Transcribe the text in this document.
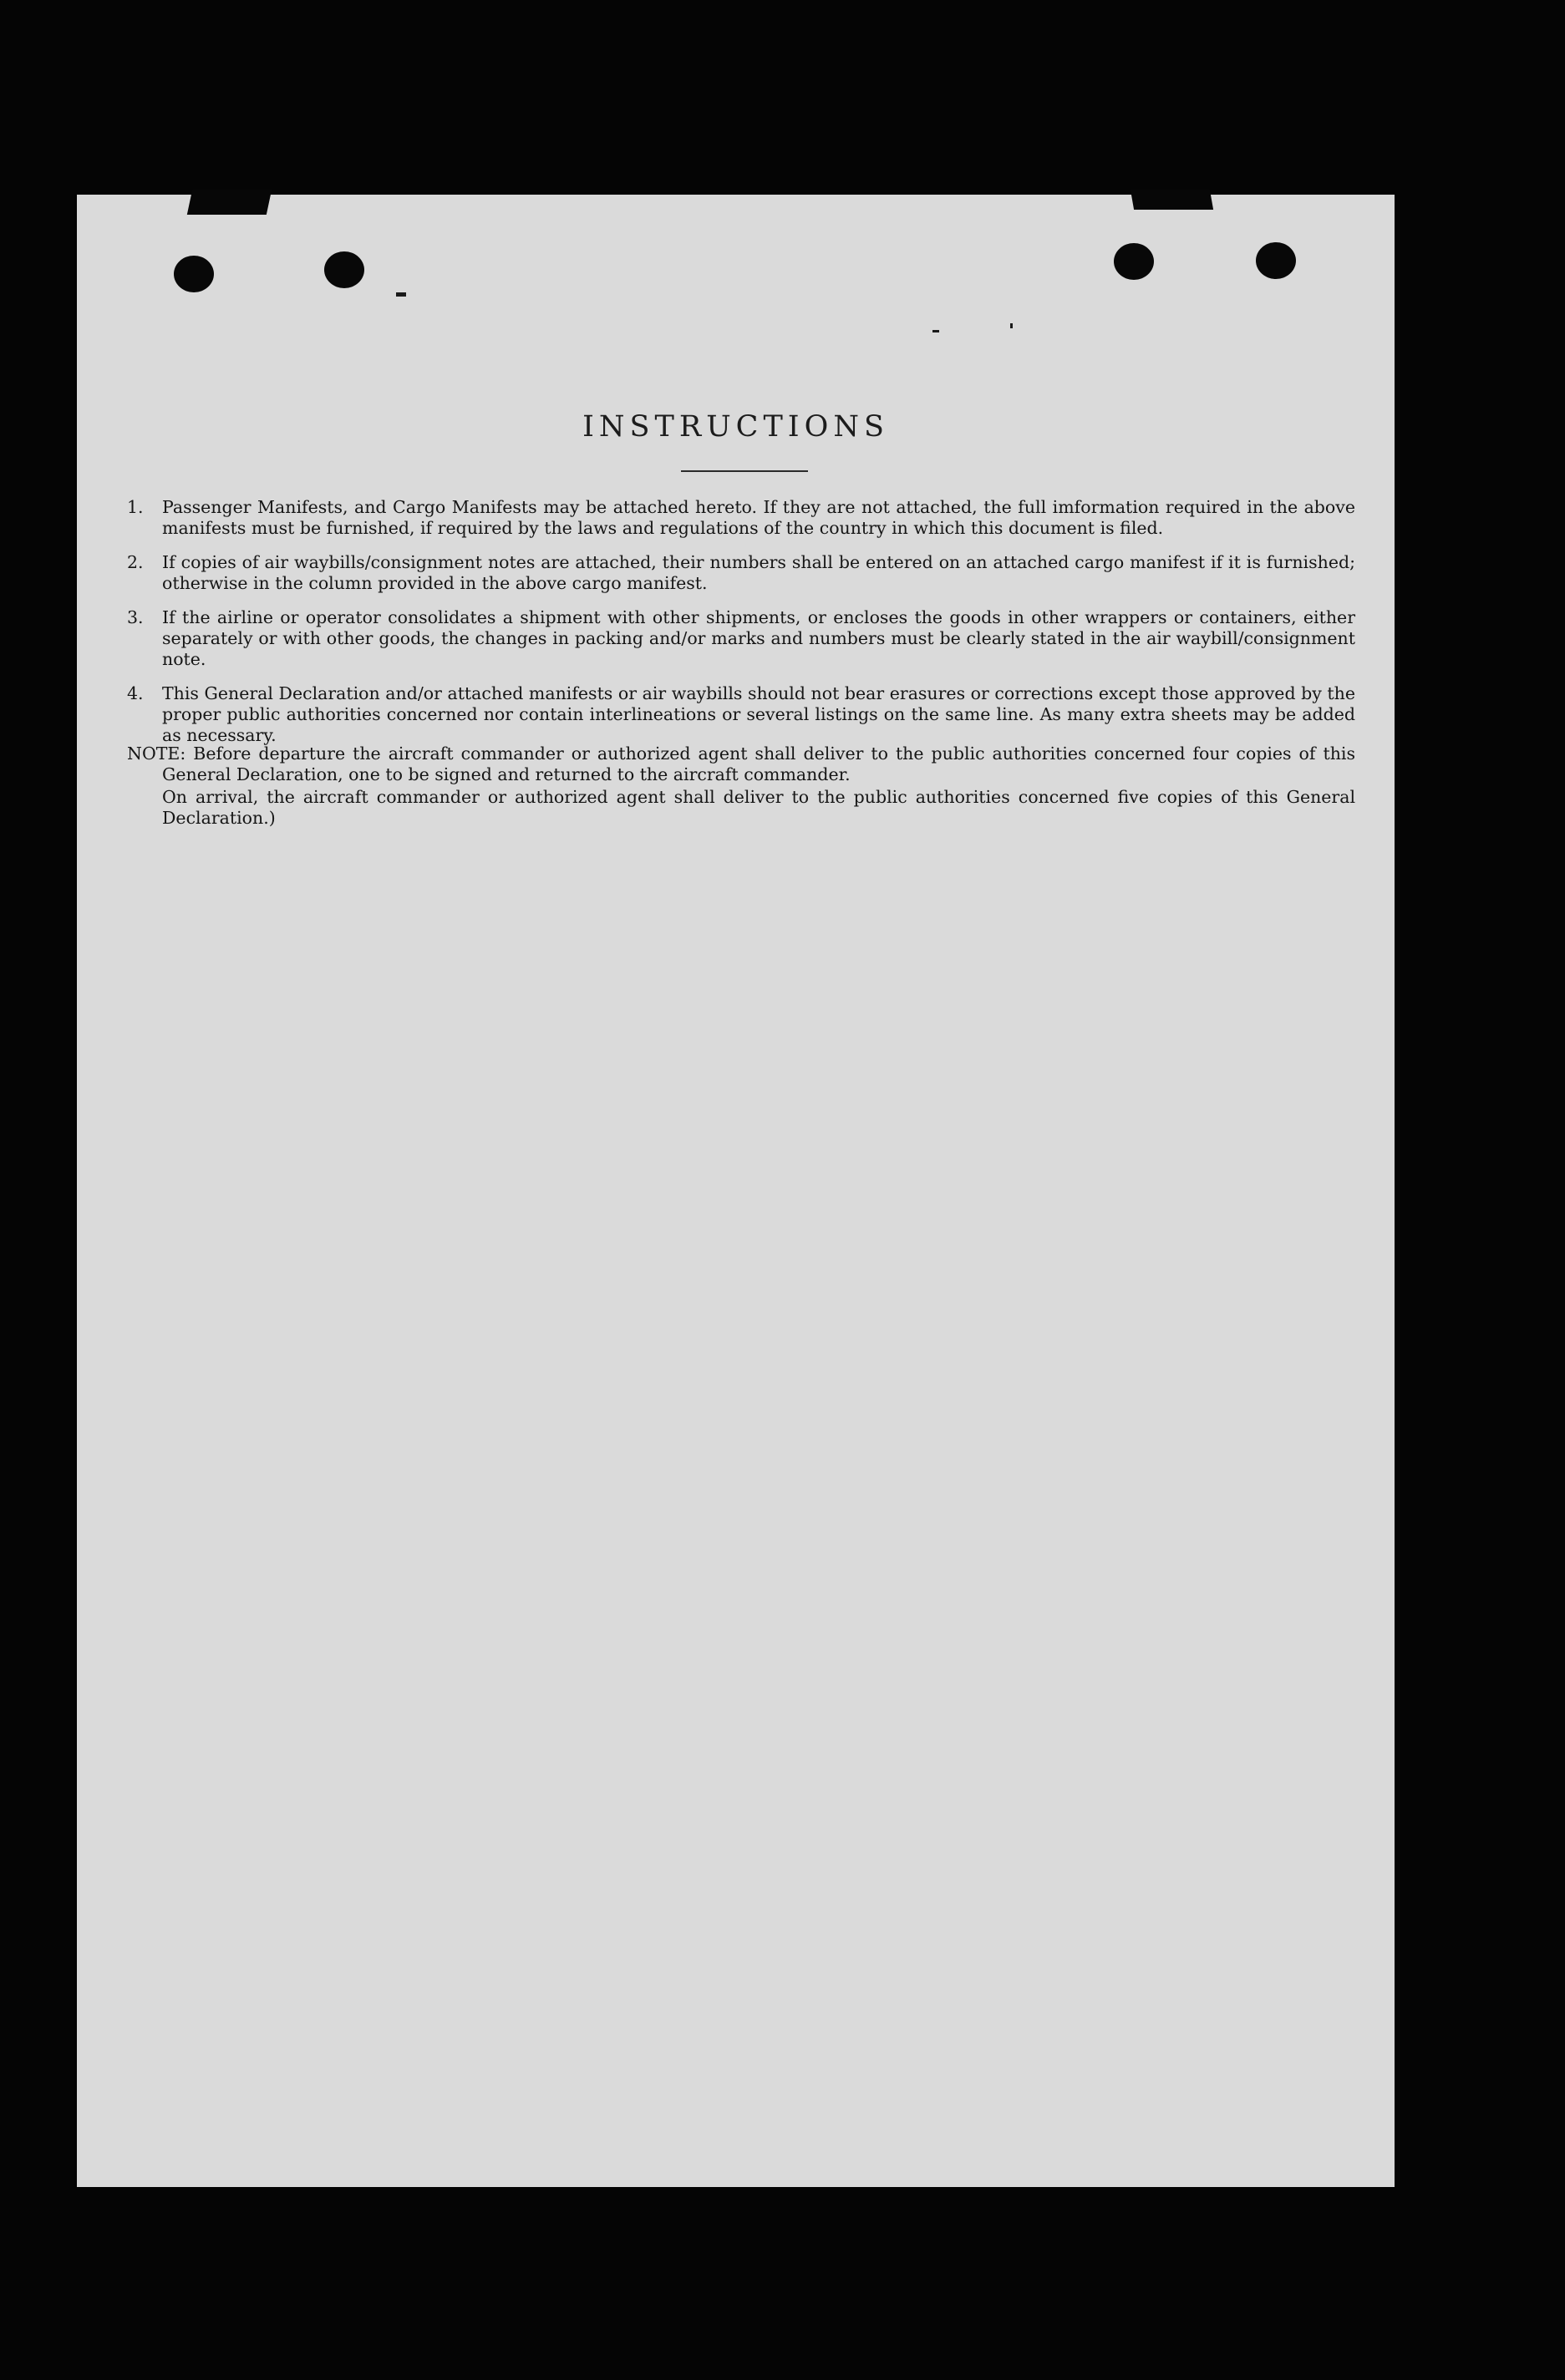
INSTRUCTIONS
1. Passenger Manifests, and Cargo Manifests may be attached hereto. If they are not attached, the full imformation required in the above manifests must be furnished, if required by the laws and regulations of the country in which this document is filed.
2. If copies of air waybills/consignment notes are attached, their numbers shall be entered on an attached cargo manifest if it is furnished; otherwise in the column provided in the above cargo manifest.
3. If the airline or operator consolidates a shipment with other shipments, or encloses the goods in other wrappers or containers, either separately or with other goods, the changes in packing and/or marks and numbers must be clearly stated in the air waybill/consignment note.
4. This General Declaration and/or attached manifests or air waybills should not bear erasures or corrections except those approved by the proper public authorities concerned nor contain interlineations or several listings on the same line. As many extra sheets may be added as necessary.
NOTE: Before departure the aircraft commander or authorized agent shall deliver to the public authorities concerned four copies of this General Declaration, one to be signed and returned to the aircraft commander.
On arrival, the aircraft commander or authorized agent shall deliver to the public authorities concerned five copies of this General Declaration.)
